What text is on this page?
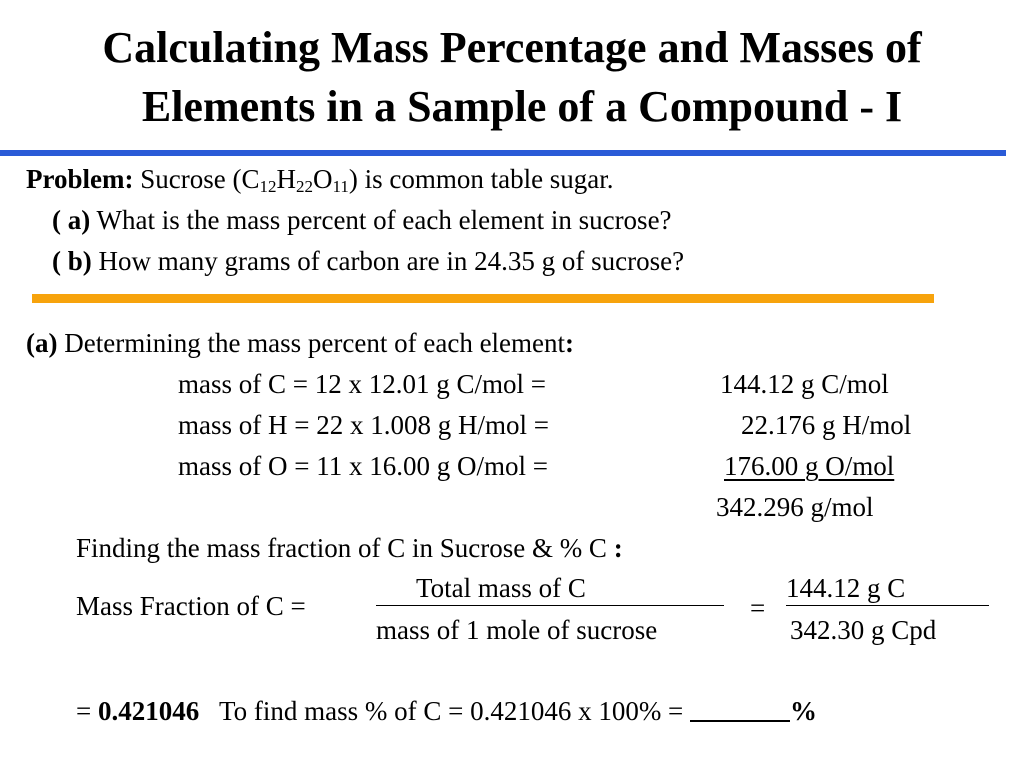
Calculating Mass Percentage and Masses of
Elements in a Sample of a Compound - I
Problem: Sucrose $(C_{12}H_{22}O_{11})$ is common table sugar.
( a) What is the mass percent of each element in sucrose?
( b) How many grams of carbon are in 24.35 g of sucrose?
(a) Determining the mass percent of each element:
mass of C = 12 x 12.01 g C/mol =	144.12 g C/mol
mass of H = 22 x 1.008 g H/mol =	22.176 g H/mol
mass of O = 11 x 16.00 g O/mol =	176.00 g O/mol
342.296 g/mol
Finding the mass fraction of C in Sucrose & % C :
Mass Fraction of C =
Total mass of C
mass of 1 mole of sucrose
=
144.12 g C
342.30 g Cpd
= 0.421046 To find mass % of C = 0.421046 x 100% =	%
